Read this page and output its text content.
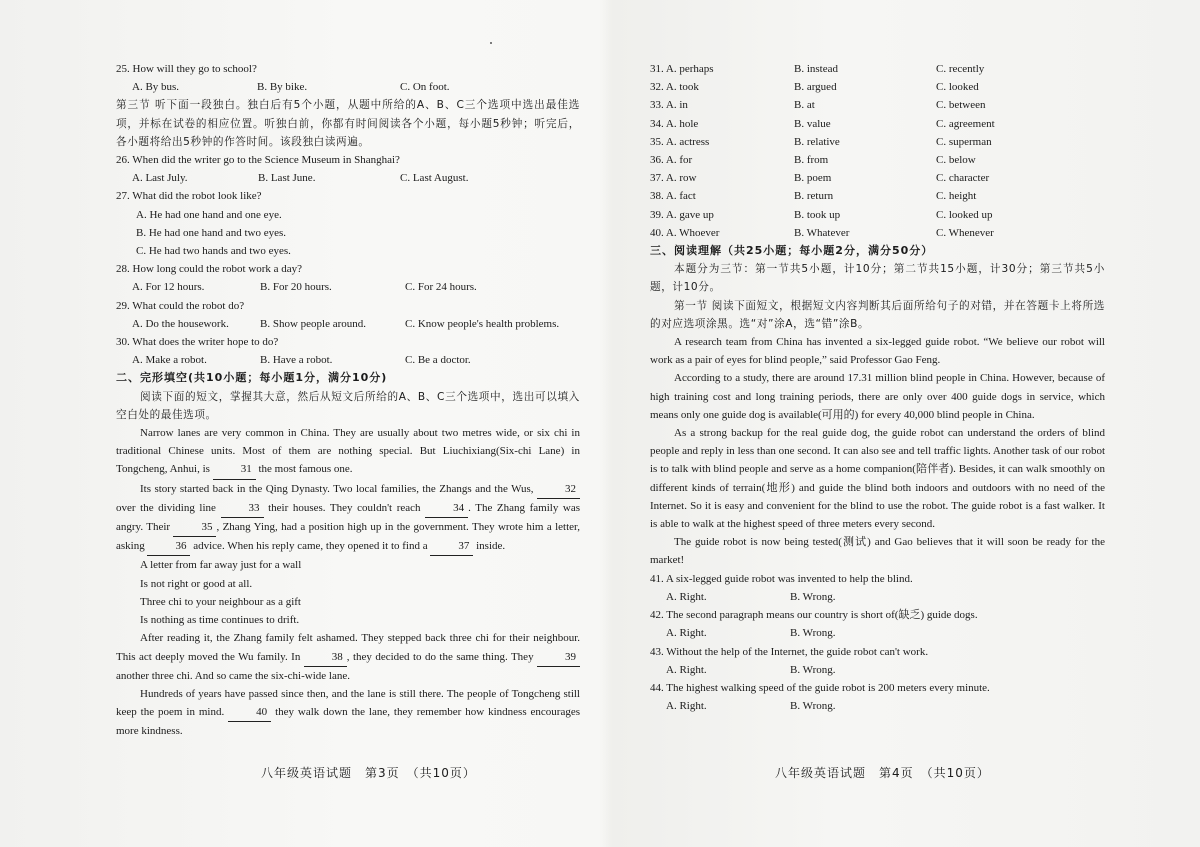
25. How will they go to school?

A. By bus.	B. By bike.	C. On foot.

第三节 听下面一段独白。独白后有5个小题，从题中所给的A、B、C三个选项中选出最佳选项，并标在试卷的相应位置。听独白前，你都有时间阅读各个小题，每小题5秒钟；听完后，各小题将给出5秒钟的作答时间。该段独白读两遍。

26. When did the writer go to the Science Museum in Shanghai?

A. Last July.	B. Last June.	C. Last August.

27. What did the robot look like?

A. He had one hand and one eye.

B. He had one hand and two eyes.

C. He had two hands and two eyes.

28. How long could the robot work a day?

A. For 12 hours.	B. For 20 hours.	C. For 24 hours.

29. What could the robot do?

A. Do the housework.	B. Show people around.	C. Know people's health problems.

30. What does the writer hope to do?

A. Make a robot.	B. Have a robot.	C. Be a doctor.

二、完形填空(共10小题；每小题1分，满分10分)

阅读下面的短文，掌握其大意，然后从短文后所给的A、B、C三个选项中，选出可以填入空白处的最佳选项。

Narrow lanes are very common in China. They are usually about two metres wide, or six chi in traditional Chinese units. Most of them are nothing special. But Liuchixiang(Six-chi Lane) in Tongcheng, Anhui, is	31 the most famous one.

Its story started back in the Qing Dynasty. Two local families, the Zhangs and the Wus,	32 over the dividing line	33 their houses. They couldn't reach	34 . The Zhang family was angry. Their	35 , Zhang Ying, had a position high up in the government. They wrote him a letter, asking	36 advice. When his reply came, they opened it to find a	37 inside.

A letter from far away just for a wall

Is not right or good at all.

Three chi to your neighbour as a gift

Is nothing as time continues to drift.

After reading it, the Zhang family felt ashamed. They stepped back three chi for their neighbour. This act deeply moved the Wu family. In	38 , they decided to do the same thing. They	39 another three chi. And so came the six-chi-wide lane.

Hundreds of years have passed since then, and the lane is still there. The people of Tongcheng still keep the poem in mind.	40 they walk down the lane, they remember how kindness encourages more kindness.

八年级英语试题　第3页　（共10页）
31. A. perhaps	B. instead	C. recently
32. A. took	B. argued	C. looked
33. A. in	B. at	C. between
34. A. hole	B. value	C. agreement
35. A. actress	B. relative	C. superman
36. A. for	B. from	C. below
37. A. row	B. poem	C. character
38. A. fact	B. return	C. height
39. A. gave up	B. took up	C. looked up
40. A. Whoever	B. Whatever	C. Whenever

三、阅读理解（共25小题；每小题2分，满分50分）

本题分为三节：第一节共5小题，计10分；第二节共15小题，计30分；第三节共5小题，计10分。

第一节 阅读下面短文，根据短文内容判断其后面所给句子的对错，并在答题卡上将所选的对应选项涂黑。选“对”涂A，选“错”涂B。

A research team from China has invented a six-legged guide robot. “We believe our robot will work as a pair of eyes for blind people,” said Professor Gao Feng.

According to a study, there are around 17.31 million blind people in China. However, because of high training cost and long training periods, there are only over 400 guide dogs in service, which means only one guide dog is available(可用的) for every 40,000 blind people in China.

As a strong backup for the real guide dog, the guide robot can understand the orders of blind people and reply in less than one second. It can also see and tell traffic lights. Another task of our robot is to talk with blind people and serve as a home companion(陪伴者). Besides, it can walk smoothly on different kinds of terrain(地形) and guide the blind both indoors and outdoors with no need of the Internet. So it is easy and convenient for the blind to use the robot. The guide robot is a fast walker. It is able to walk at the highest speed of three meters every second.

The guide robot is now being tested(测试) and Gao believes that it will soon be ready for the market!

41. A six-legged guide robot was invented to help the blind.

A. Right.	B. Wrong.

42. The second paragraph means our country is short of(缺乏) guide dogs.

A. Right.	B. Wrong.

43. Without the help of the Internet, the guide robot can't work.

A. Right.	B. Wrong.

44. The highest walking speed of the guide robot is 200 meters every minute.

A. Right.	B. Wrong.
八年级英语试题　第4页　（共10页）
